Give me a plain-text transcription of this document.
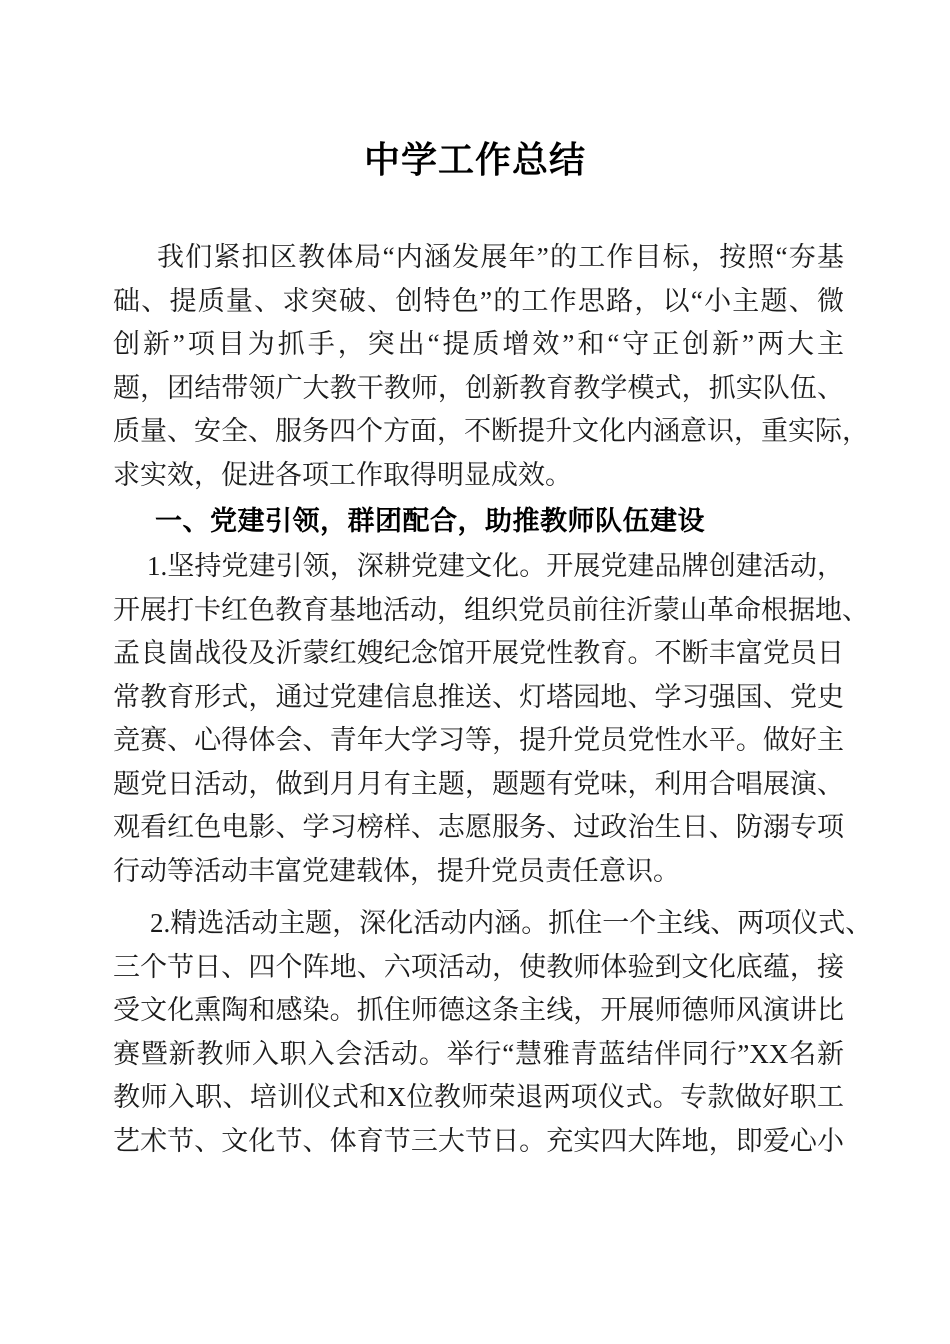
中学工作总结
我们紧扣区教体局“内涵发展年”的工作目标，按照“夯基
础、提质量、求突破、创特色”的工作思路，以“小主题、微
创新”项目为抓手，突出“提质增效”和“守正创新”两大主
题，团结带领广大教干教师，创新教育教学模式，抓实队伍、
质量、安全、服务四个方面，不断提升文化内涵意识，重实际，
求实效，促进各项工作取得明显成效。
一、党建引领，群团配合，助推教师队伍建设
1.坚持党建引领，深耕党建文化。开展党建品牌创建活动，
开展打卡红色教育基地活动，组织党员前往沂蒙山革命根据地、
孟良崮战役及沂蒙红嫂纪念馆开展党性教育。不断丰富党员日
常教育形式，通过党建信息推送、灯塔园地、学习强国、党史
竞赛、心得体会、青年大学习等，提升党员党性水平。做好主
题党日活动，做到月月有主题，题题有党味，利用合唱展演、
观看红色电影、学习榜样、志愿服务、过政治生日、防溺专项
行动等活动丰富党建载体，提升党员责任意识。
2.精选活动主题，深化活动内涵。抓住一个主线、两项仪式、
三个节日、四个阵地、六项活动，使教师体验到文化底蕴，接
受文化熏陶和感染。抓住师德这条主线，开展师德师风演讲比
赛暨新教师入职入会活动。举行“慧雅青蓝结伴同行”XX名新
教师入职、培训仪式和X位教师荣退两项仪式。专款做好职工
艺术节、文化节、体育节三大节日。充实四大阵地，即爱心小
